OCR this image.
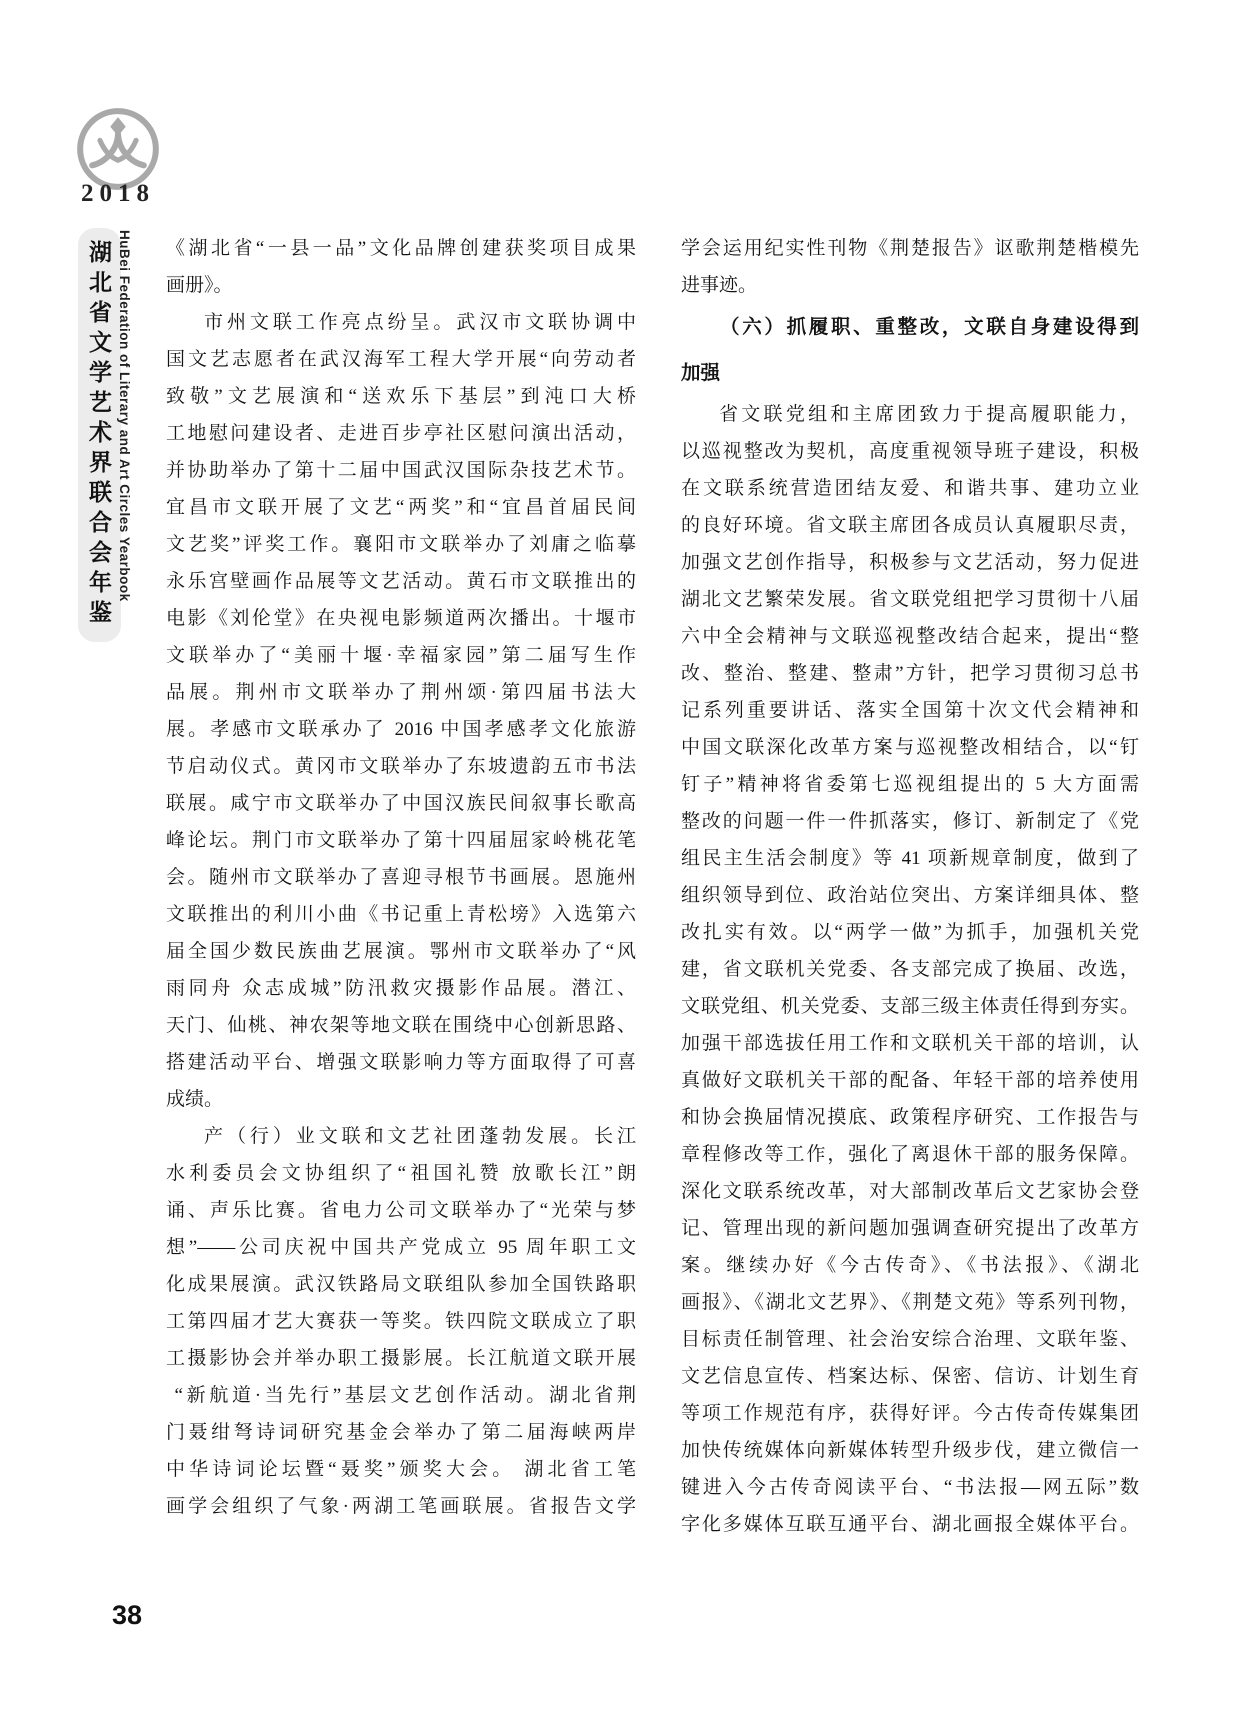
2018
湖北省文学艺术界联合会年鉴 HuBei Federation of Literary and Art Circles Yearbook 《湖北省“一县一品”文化品牌创建获奖项目成果
画册》。
市州文联工作亮点纷呈。武汉市文联协调中
国文艺志愿者在武汉海军工程大学开展“向劳动者
致敬”文艺展演和“送欢乐下基层”到沌口大桥
工地慰问建设者、走进百步亭社区慰问演出活动，
并协助举办了第十二届中国武汉国际杂技艺术节。
宜昌市文联开展了文艺“两奖”和“宜昌首届民间
文艺奖”评奖工作。襄阳市文联举办了刘庸之临摹
永乐宫壁画作品展等文艺活动。黄石市文联推出的
电影《刘伦堂》在央视电影频道两次播出。十堰市
文联举办了“美丽十堰·幸福家园”第二届写生作
品展。荆州市文联举办了荆州颂·第四届书法大
展。孝感市文联承办了 2016 中国孝感孝文化旅游
节启动仪式。黄冈市文联举办了东坡遗韵五市书法
联展。咸宁市文联举办了中国汉族民间叙事长歌高
峰论坛。荆门市文联举办了第十四届屈家岭桃花笔
会。随州市文联举办了喜迎寻根节书画展。恩施州
文联推出的利川小曲《书记重上青松塝》入选第六
届全国少数民族曲艺展演。鄂州市文联举办了“风
雨同舟 众志成城”防汛救灾摄影作品展。潜江、
天门、仙桃、神农架等地文联在围绕中心创新思路、
搭建活动平台、增强文联影响力等方面取得了可喜
成绩。
产（行）业文联和文艺社团蓬勃发展。长江
水利委员会文协组织了“祖国礼赞 放歌长江”朗
诵、声乐比赛。省电力公司文联举办了“光荣与梦
想”——公司庆祝中国共产党成立 95 周年职工文
化成果展演。武汉铁路局文联组队参加全国铁路职
工第四届才艺大赛获一等奖。铁四院文联成立了职
工摄影协会并举办职工摄影展。长江航道文联开展
“新航道·当先行”基层文艺创作活动。湖北省荆
门聂绀弩诗词研究基金会举办了第二届海峡两岸
中华诗词论坛暨“聂奖”颁奖大会。 湖北省工笔
画学会组织了气象·两湖工笔画联展。省报告文学
学会运用纪实性刊物《荆楚报告》讴歌荆楚楷模先
进事迹。
（六）抓履职、重整改，文联自身建设得到
加强
省文联党组和主席团致力于提高履职能力，
以巡视整改为契机，高度重视领导班子建设，积极
在文联系统营造团结友爱、和谐共事、建功立业
的良好环境。省文联主席团各成员认真履职尽责，
加强文艺创作指导，积极参与文艺活动，努力促进
湖北文艺繁荣发展。省文联党组把学习贯彻十八届
六中全会精神与文联巡视整改结合起来，提出“整
改、整治、整建、整肃”方针，把学习贯彻习总书
记系列重要讲话、落实全国第十次文代会精神和
中国文联深化改革方案与巡视整改相结合，以“钉
钉子”精神将省委第七巡视组提出的 5 大方面需
整改的问题一件一件抓落实，修订、新制定了《党
组民主生活会制度》等 41 项新规章制度，做到了
组织领导到位、政治站位突出、方案详细具体、整
改扎实有效。以“两学一做”为抓手，加强机关党
建，省文联机关党委、各支部完成了换届、改选，
文联党组、机关党委、支部三级主体责任得到夯实。
加强干部选拔任用工作和文联机关干部的培训，认
真做好文联机关干部的配备、年轻干部的培养使用
和协会换届情况摸底、政策程序研究、工作报告与
章程修改等工作，强化了离退休干部的服务保障。
深化文联系统改革，对大部制改革后文艺家协会登
记、管理出现的新问题加强调查研究提出了改革方
案。继续办好《今古传奇》、《书法报》、《湖北
画报》、《湖北文艺界》、《荆楚文苑》等系列刊物，
目标责任制管理、社会治安综合治理、文联年鉴、
文艺信息宣传、档案达标、保密、信访、计划生育
等项工作规范有序，获得好评。今古传奇传媒集团
加快传统媒体向新媒体转型升级步伐，建立微信一
键进入今古传奇阅读平台、“书法报—网五际”数
字化多媒体互联互通平台、湖北画报全媒体平台。
38
